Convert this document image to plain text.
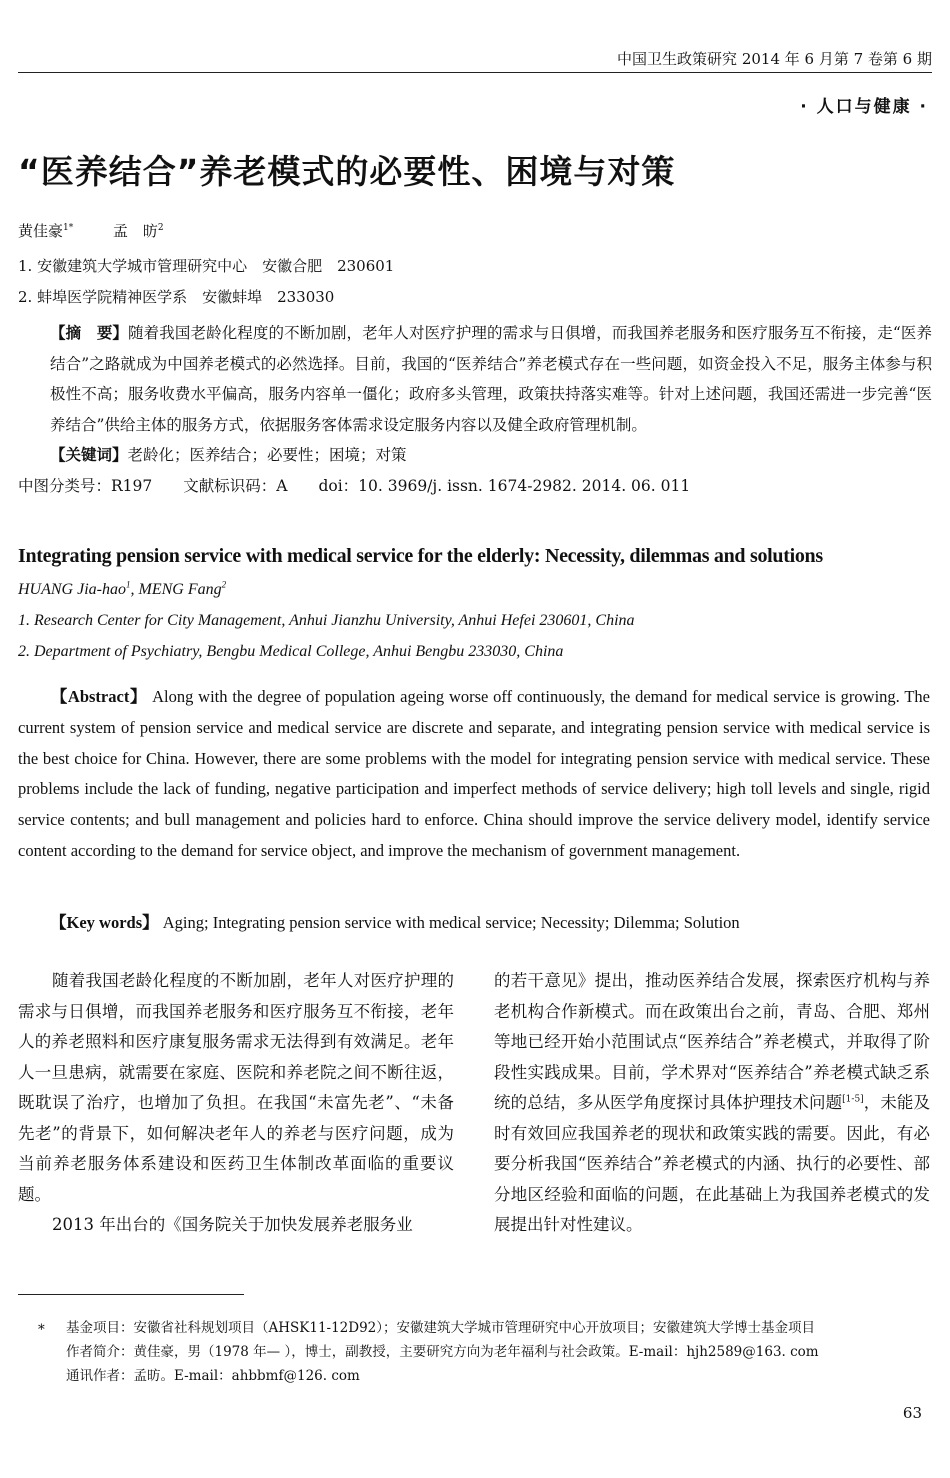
中国卫生政策研究 2014 年 6 月第 7 卷第 6 期
· 人口与健康 ·
“医养结合”养老模式的必要性、困境与对策
黄佳豪$^{1*}$	孟　昉$^2$
1. 安徽建筑大学城市管理研究中心　安徽合肥　230601
2. 蚌埠医学院精神医学系　安徽蚌埠　233030
【摘　要】随着我国老龄化程度的不断加剧，老年人对医疗护理的需求与日俱增，而我国养老服务和医疗服务互不衔接，走“医养结合”之路就成为中国养老模式的必然选择。目前，我国的“医养结合”养老模式存在一些问题，如资金投入不足，服务主体参与积极性不高；服务收费水平偏高，服务内容单一僵化；政府多头管理，政策扶持落实难等。针对上述问题，我国还需进一步完善“医养结合”供给主体的服务方式，依据服务客体需求设定服务内容以及健全政府管理机制。
【关键词】老龄化；医养结合；必要性；困境；对策
中图分类号：R197　　文献标识码：A　　doi：10. 3969/j. issn. 1674-2982. 2014. 06. 011
Integrating pension service with medical service for the elderly: Necessity, dilemmas and solutions
HUANG Jia-hao$^1$, MENG Fang$^2$
1. Research Center for City Management, Anhui Jianzhu University, Anhui Hefei 230601, China
2. Department of Psychiatry, Bengbu Medical College, Anhui Bengbu 233030, China
【Abstract】 Along with the degree of population ageing worse off continuously, the demand for medical service is growing. The current system of pension service and medical service are discrete and separate, and integrating pension service with medical service is the best choice for China. However, there are some problems with the model for integrating pension service with medical service. These problems include the lack of funding, negative participation and imperfect methods of service delivery; high toll levels and single, rigid service contents; and bull management and policies hard to enforce. China should improve the service delivery model, identify service content according to the demand for service object, and improve the mechanism of government management.
【Key words】 Aging; Integrating pension service with medical service; Necessity; Dilemma; Solution

随着我国老龄化程度的不断加剧，老年人对医疗护理的需求与日俱增，而我国养老服务和医疗服务互不衔接，老年人的养老照料和医疗康复服务需求无法得到有效满足。老年人一旦患病，就需要在家庭、医院和养老院之间不断往返，既耽误了治疗，也增加了负担。在我国“未富先老”、“未备先老”的背景下，如何解决老年人的养老与医疗问题，成为当前养老服务体系建设和医药卫生体制改革面临的重要议题。

2013 年出台的《国务院关于加快发展养老服务业

的若干意见》提出，推动医养结合发展，探索医疗机构与养老机构合作新模式。而在政策出台之前，青岛、合肥、郑州等地已经开始小范围试点“医养结合”养老模式，并取得了阶段性实践成果。目前，学术界对“医养结合”养老模式缺乏系统的总结，多从医学角度探讨具体护理技术问题[1-5]，未能及时有效回应我国养老的现状和政策实践的需要。因此，有必要分析我国“医养结合”养老模式的内涵、执行的必要性、部分地区经验和面临的问题，在此基础上为我国养老模式的发展提出针对性建议。

*	基金项目：安徽省社科规划项目（AHSK11-12D92）；安徽建筑大学城市管理研究中心开放项目；安徽建筑大学博士基金项目
作者简介：黄佳豪，男（1978 年— ），博士，副教授，主要研究方向为老年福利与社会政策。E-mail：hjh2589@163. com
通讯作者：孟昉。E-mail：ahbbmf@126. com
63
